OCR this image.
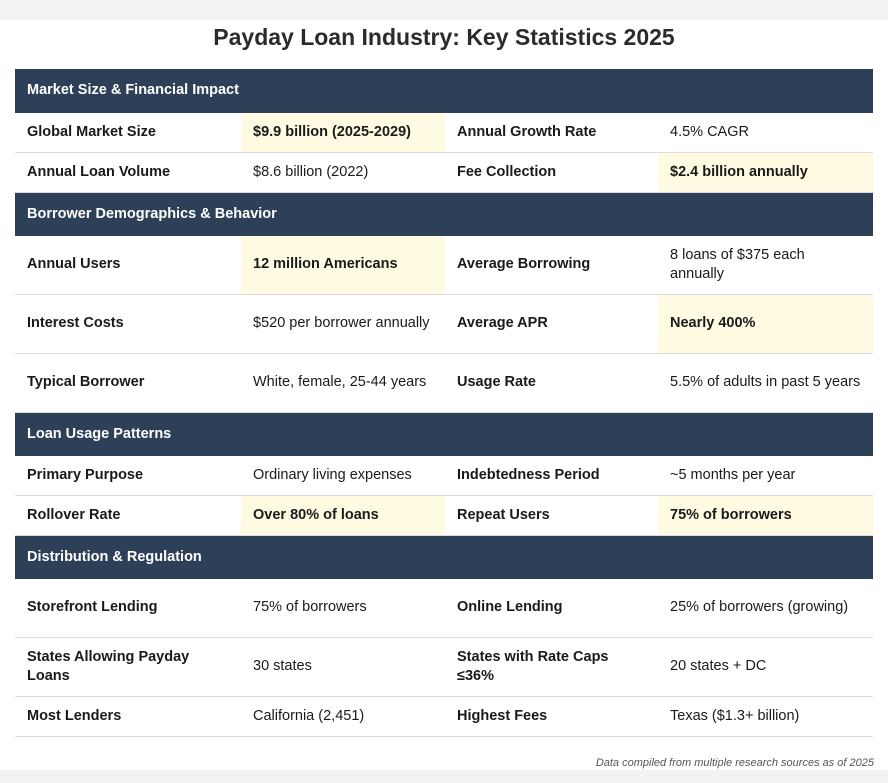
Payday Loan Industry: Key Statistics 2025
Market Size & Financial Impact			
Global Market Size	$9.9 billion (2025-2029)	Annual Growth Rate	4.5% CAGR
Annual Loan Volume	$8.6 billion (2022)	Fee Collection	$2.4 billion annually
Borrower Demographics & Behavior			
Annual Users	12 million Americans	Average Borrowing	8 loans of $375 each annually
Interest Costs	$520 per borrower annually	Average APR	Nearly 400%
Typical Borrower	White, female, 25-44 years	Usage Rate	5.5% of adults in past 5 years
Loan Usage Patterns			
Primary Purpose	Ordinary living expenses	Indebtedness Period	~5 months per year
Rollover Rate	Over 80% of loans	Repeat Users	75% of borrowers
Distribution & Regulation			
Storefront Lending	75% of borrowers	Online Lending	25% of borrowers (growing)
States Allowing Payday Loans	30 states	States with Rate Caps ≤36%	20 states + DC
Most Lenders	California (2,451)	Highest Fees	Texas ($1.3+ billion)
Data compiled from multiple research sources as of 2025
